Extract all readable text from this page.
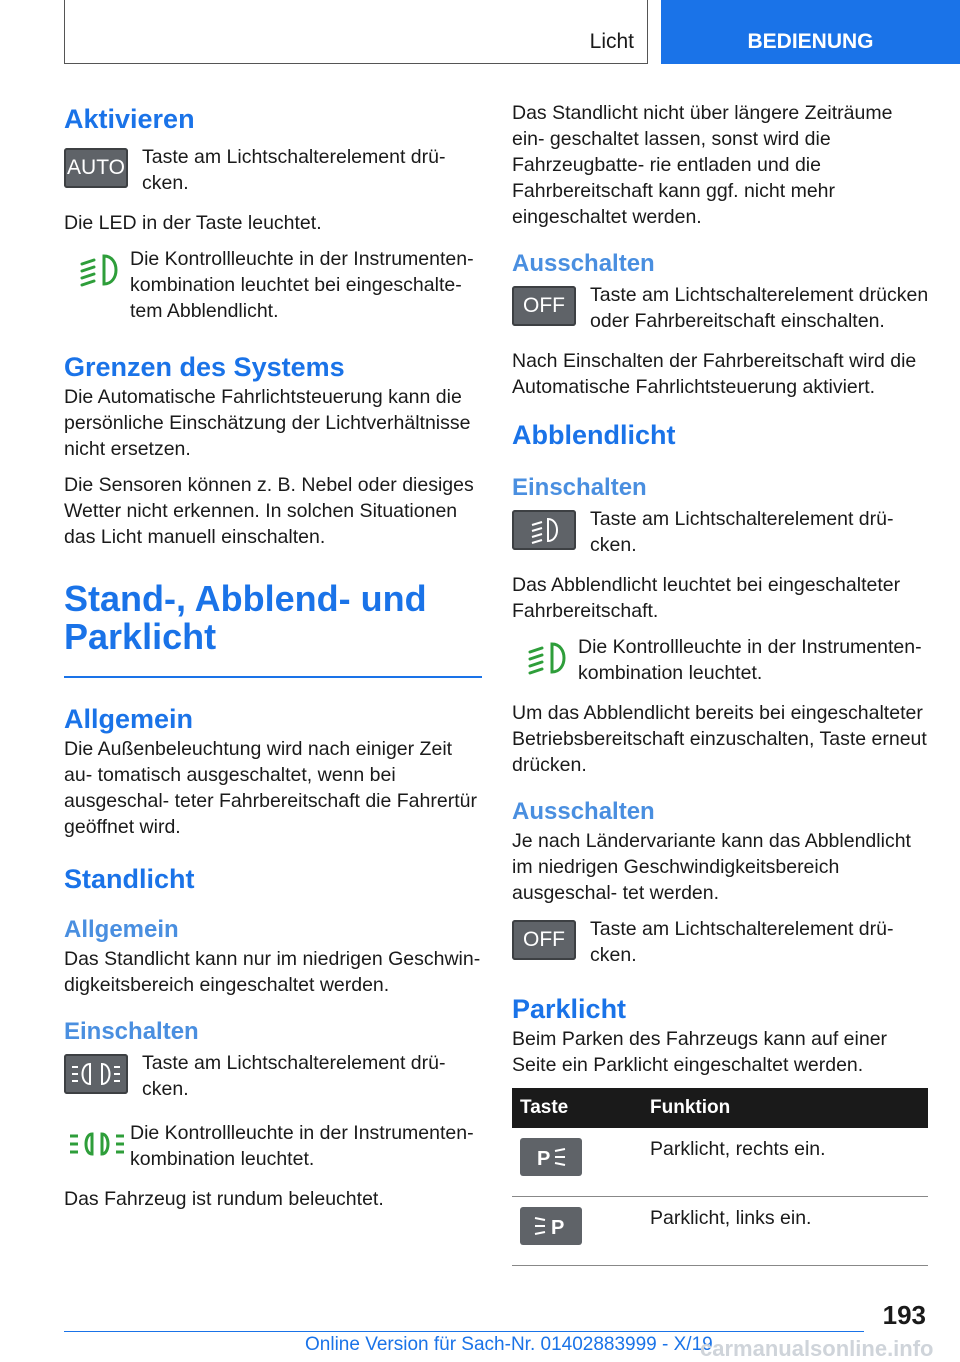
Licht	BEDIENUNG
Aktivieren
AUTO Taste am Lichtschalterelement drü‐ cken.

Die LED in der Taste leuchtet.

Die Kontrollleuchte in der Instrumenten‐ kombination leuchtet bei eingeschalte‐ tem Abblendlicht.
Grenzen des Systems

Die Automatische Fahrlichtsteuerung kann die persönliche Einschätzung der Lichtverhältnisse nicht ersetzen.

Die Sensoren können z. B. Nebel oder diesiges Wetter nicht erkennen. In solchen Situationen das Licht manuell einschalten.

Stand-, Abblend- und Parklicht
Allgemein

Die Außenbeleuchtung wird nach einiger Zeit au‐ tomatisch ausgeschaltet, wenn bei ausgeschal‐ teter Fahrbereitschaft die Fahrertür geöffnet wird.

Standlicht
Allgemein

Das Standlicht kann nur im niedrigen Geschwin‐ digkeitsbereich eingeschaltet werden.

Einschalten
Taste am Lichtschalterelement drü‐ cken.
Die Kontrollleuchte in der Instrumenten‐ kombination leuchtet.

Das Fahrzeug ist rundum beleuchtet.

Das Standlicht nicht über längere Zeiträume ein‐ geschaltet lassen, sonst wird die Fahrzeugbatte‐ rie entladen und die Fahrbereitschaft kann ggf. nicht mehr eingeschaltet werden.

Ausschalten
OFF Taste am Lichtschalterelement drücken oder Fahrbereitschaft einschalten.

Nach Einschalten der Fahrbereitschaft wird die Automatische Fahrlichtsteuerung aktiviert.

Abblendlicht
Einschalten
Taste am Lichtschalterelement drü‐ cken.

Das Abblendlicht leuchtet bei eingeschalteter Fahrbereitschaft.

Die Kontrollleuchte in der Instrumenten‐ kombination leuchtet.

Um das Abblendlicht bereits bei eingeschalteter Betriebsbereitschaft einzuschalten, Taste erneut drücken.

Ausschalten

Je nach Ländervariante kann das Abblendlicht im niedrigen Geschwindigkeitsbereich ausgeschal‐ tet werden.

OFF Taste am Lichtschalterelement drü‐ cken.
Parklicht

Beim Parken des Fahrzeugs kann auf einer Seite ein Parklicht eingeschaltet werden.

Taste	Funktion

P	Parklicht, rechts ein.

P	Parklicht, links ein.
193
Online Version für Sach-Nr. 01402883999 - X/19
carmanualsonline.info
